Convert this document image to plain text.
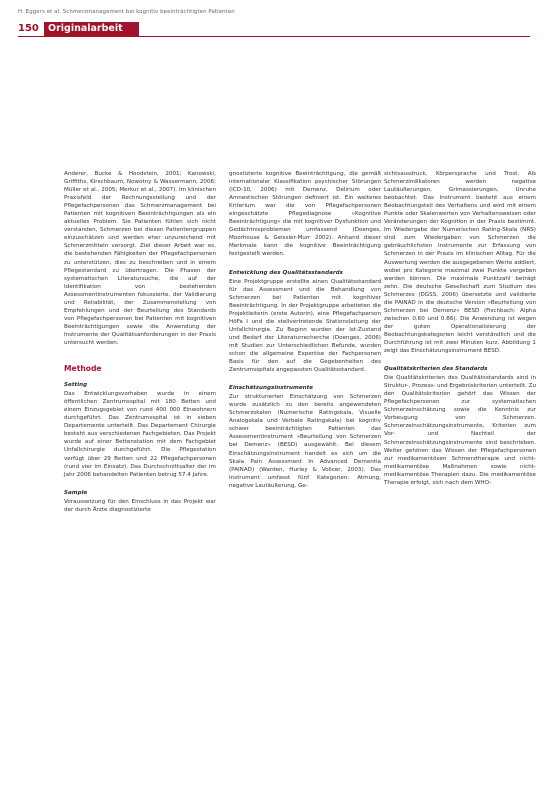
H. Eggers et al. Schmerzmanagement bei kognitiv beeinträchtigten Patienten
150 Originalarbeit

Anderer, Bucke & Hoodstein, 2001; Kanowski, Griffiths, Kirschbaum, Nowotny & Wassermann, 2006; Müller et al., 2005; Merkur et al., 2007). Im klinischen Praxisfeld der Rechnungsstellung und der Pflegefachpersonen das Schmerzmanagement bei Patienten mit kognitiven Beeinträchtigungen als ein aktuelles Problem. Sie Patienten fühlen sich nicht verstanden, Schmerzen bei diesen Patientengruppen einzuschätzen und werden eher unzureichend mit Schmerzmitteln versorgt. Ziel dieser Arbeit war es, die bestehenden Fähigkeiten der Pflegefachpersonen zu unterstützen, dies zu beschreiben und in einem Pflegestandard zu übertragen. Die Phasen der systematischen Literatursuche, die auf der Identifikation von bestehenden Assessmentinstrumenten fokussierte, der Validierung und Reliabilität, der Zusammenstellung von Empfehlungen und der Beurteilung des Standards von Pflegefachpersonen bei Patienten mit kognitiven Beeinträchtigungen sowie die Anwendung der Instrumente der Qualitätsanforderungen in der Praxis untersucht werden.

Methode
Setting

Das Entwicklungsvorhaben wurde in einem öffentlichen Zentrumsspital mit 180 Betten und einem Einzugsgebiet von rund 400 000 Einwohnern durchgeführt. Das Zentrumsspital ist in sieben Departemente unterteilt. Das Departement Chirurgie besteht aus verschiedenen Fachgebieten. Das Projekt wurde auf einer Bettenstation mit dem Fachgebiet Unfallchirurgie durchgeführt. Die Pflegestation verfügt über 29 Betten und 22 Pflegefachpersonen (rund vier im Einsatz). Das Durchschnittsalter der im Jahr 2006 behandelten Patienten betrug 57.4 Jahre.

Sample

Voraussetzung für den Einschluss in das Projekt war der durch Ärzte diagnostizierte

gnostizierte kognitive Beeinträchtigung, die gemäß internationaler Klassifikation psychischer Störungen (ICD-10, 2006) mit Demenz, Delirium oder Amnestischen Störungen definiert ist. Ein weiteres Kriterium war die von Pflegefachpersonen eingeschätzte Pflegediagnose »Kognitive Beeinträchtigung« die mit kognitiver Dysfunktion und Gedächtnisproblemen umfassend (Doenges, Moorhouse & Geissler-Murr 2002). Anhand dieser Merkmale kann die kognitive Beeinträchtigung festgestellt werden.

Entwicklung des Qualitätsstandards

Eine Projektgruppe erstellte einen Qualitätsstandard für das Assessment und die Behandlung von Schmerzen bei Patienten mit kognitiver Beeinträchtigung. In der Projektgruppe arbeiteten die Projektleiterin (erste Autorin), eine Pflegefachperson HöFa I und die stellvertretende Stationsleitung der Unfallchirurgie. Zu Beginn wurden der Ist-Zustand und Bedarf der Literaturrecherche (Doenges, 2006) mit Studien zur Unterschiedlichen Befunde, wurden schon die allgemeine Expertise der Fachpersonen Basis für den auf die Gegebenheiten des Zentrumsspitals angepassten Qualitätsstandard.

Einschätzungsinstrumente

Zur strukturierten Einschätzung von Schmerzen wurde zusätzlich zu den bereits angewendeten Schmerzskalen (Numerische Ratingskala, Visuelle Analogskala und Verbale Ratingskala) bei kognitiv schwer beeinträchtigten Patienten das Assessmentinstrument »Beurteilung von Schmerzen bei Demenz« (BESD) ausgewählt. Bei diesem Einschätzungsinstrument handelt es sich um die Skala Pain Assessment In Advanced Dementia (PAINAD) (Warden, Hurley & Volicer, 2003). Das Instrument umfasst fünf Kategorien: Atmung, negative Lautäußerung, Ge-

sichtsausdruck, Körpersprache und Trost. Als Schmerzindikatoren werden negative Lautäußerungen, Grimassierungen, Unruhe beobachtet. Das Instrument besteht aus einem Beobachtungsteil des Verhaltens und wird mit einem Punkte oder Skalenwerten von Verhaltensweisen oder Veränderungen der Kognition in der Praxis bestimmt. Im Wiedergabe der Numerischen Rating-Skala (NRS) sind zum Wiedergaben von Schmerzen die gebräuchlichsten Instrumente zur Erfassung von Schmerzen in der Praxis im klinischen Alltag. Für die Auswertung werden die ausgegebenen Werte addiert, wobei pro Kategorie maximal zwei Punkte vergeben werden können. Die maximale Punktzahl beträgt zehn. Die deutsche Gesellschaft zum Studium des Schmerzes (DGSS, 2006) übersetzte und validierte die PAINAD in die deutsche Version »Beurteilung von Schmerzen bei Demenz« BESD (Fischbach: Alpha zwischen 0.60 und 0.86). Die Anwendung ist wegen der guten Operationalisierung der Beobachtungskategorien leicht verständlich und die Durchführung ist mit zwei Minuten kurz. Abbildung 1 zeigt das Einschätzungsinstrument BESD.

Qualitätskriterien des Standards

Die Qualitätskriterien des Qualitätsstandards sind in Struktur-, Prozess- und Ergebniskriterien unterteilt. Zu den Qualitätskriterien gehört das Wissen der Pflegefachpersonen zur systematischen Schmerzeinschätzung sowie die Kenntnis zur Vorbeugung von Schmerzen. Schmerzeinschätzungsinstrumente, Kriterien zum Vor- und Nachteil der Schmerzeinschätzungsinstrumente sind beschrieben. Weiter gehören das Wissen der Pflegefachpersonen zur medikamentösen Schmerztherapie und nicht-medikamentöse Maßnahmen sowie nicht-medikamentöse Therapien dazu. Die medikamentöse Therapie erfolgt, sich nach dem WHO-
